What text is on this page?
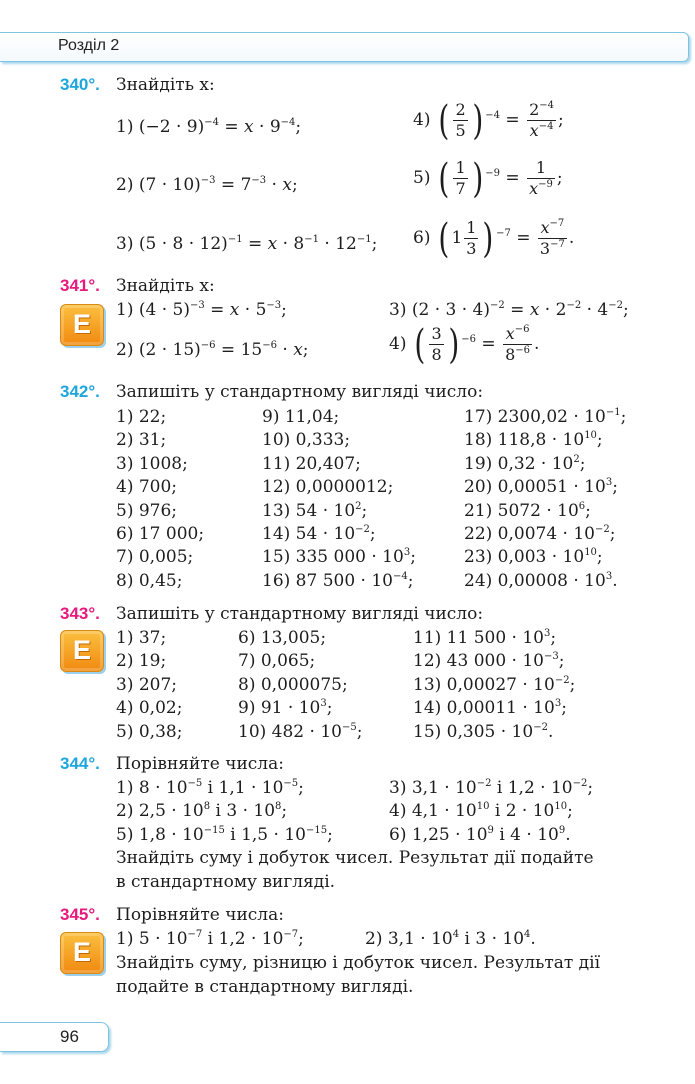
Розділ 2
340°. Знайдіть x:
1) $(-2 \cdot 9)^{-4} = x \cdot 9^{-4}$;
2) $(7 \cdot 10)^{-3} = 7^{-3} \cdot x$;
3) $(5 \cdot 8 \cdot 12)^{-1} = x \cdot 8^{-1} \cdot 12^{-1}$;
4) ( $\frac{2}{5}$ ) $^{-4} = \frac{2^{-4}}{x^{-4}}$ ;
5) ( $\frac{1}{7}$ ) $^{-9} = \frac{1}{x^{-9}}$ ;
6) ( $1 \frac{1}{3}$ ) $^{-7} = \frac{x^{-7}}{3^{-7}}$ .
341°. Знайдіть x:
E	1) $(4 \cdot 5)^{-3} = x \cdot 5^{-3}$;
2) $(2 \cdot 15)^{-6} = 15^{-6} \cdot x$;
3) $(2 \cdot 3 \cdot 4)^{-2} = x \cdot 2^{-2} \cdot 4^{-2}$;
4) ( $\frac{3}{8}$ ) $^{-6} = \frac{x^{-6}}{8^{-6}}$ .
342°. Запишіть у стандартному вигляді число:
1) 22;
2) 31;
3) 1008;
4) 700;
5) 976;
6) 17 000;
7) 0,005;
8) 0,45;
9) 11,04;
10) 0,333;
11) 20,407;
12) 0,0000012;
13) $54 \cdot 10^2$;
14) $54 \cdot 10^{-2}$;
15) 335 $000 \cdot 10^3$;
16) 87 $500 \cdot 10^{-4}$;
17) $2300,02 \cdot 10^{-1}$;
18) $118,8 \cdot 10^{10}$;
19) $0,32 \cdot 10^2$;
20) $0,00051 \cdot 10^3$;
21) $5072 \cdot 10^6$;
22) $0,0074 \cdot 10^{-2}$;
23) $0,003 \cdot 10^{10}$;
24) $0,00008 \cdot 10^3$.
343°. Запишіть у стандартному вигляді число:
E	1) 37;
2) 19;
3) 207;
4) 0,02;
5) 0,38;
6) 13,005;
7) 0,065;
8) 0,000075;
9) $91 \cdot 10^3$;
10) $482 \cdot 10^{-5}$;
11) 11 $500 \cdot 10^3$;
12) 43 $000 \cdot 10^{-3}$;
13) $0,00027 \cdot 10^{-2}$;
14) $0,00011 \cdot 10^3$;
15) $0,305 \cdot 10^{-2}$.
344°. Порівняйте числа:
1) $8 \cdot 10^{-5}$ і $1,1 \cdot 10^{-5}$;
2) $2,5 \cdot 10^8$ і $3 \cdot 10^8$;
5) $1,8 \cdot 10^{-15}$ і $1,5 \cdot 10^{-15}$;
3) $3,1 \cdot 10^{-2}$ і $1,2 \cdot 10^{-2}$;
4) $4,1 \cdot 10^{10}$ і $2 \cdot 10^{10}$;
6) $1,25 \cdot 10^9$ і $4 \cdot 10^9$.
Знайдіть суму і добуток чисел. Результат дії подайте
в стандартному вигляді.
345°. Порівняйте числа:
E	1) $5 \cdot 10^{-7}$ і $1,2 \cdot 10^{-7}$;	2) $3,1 \cdot 10^4$ і $3 \cdot 10^4$.
Знайдіть суму, різницю і добуток чисел. Результат дії
подайте в стандартному вигляді.
96
